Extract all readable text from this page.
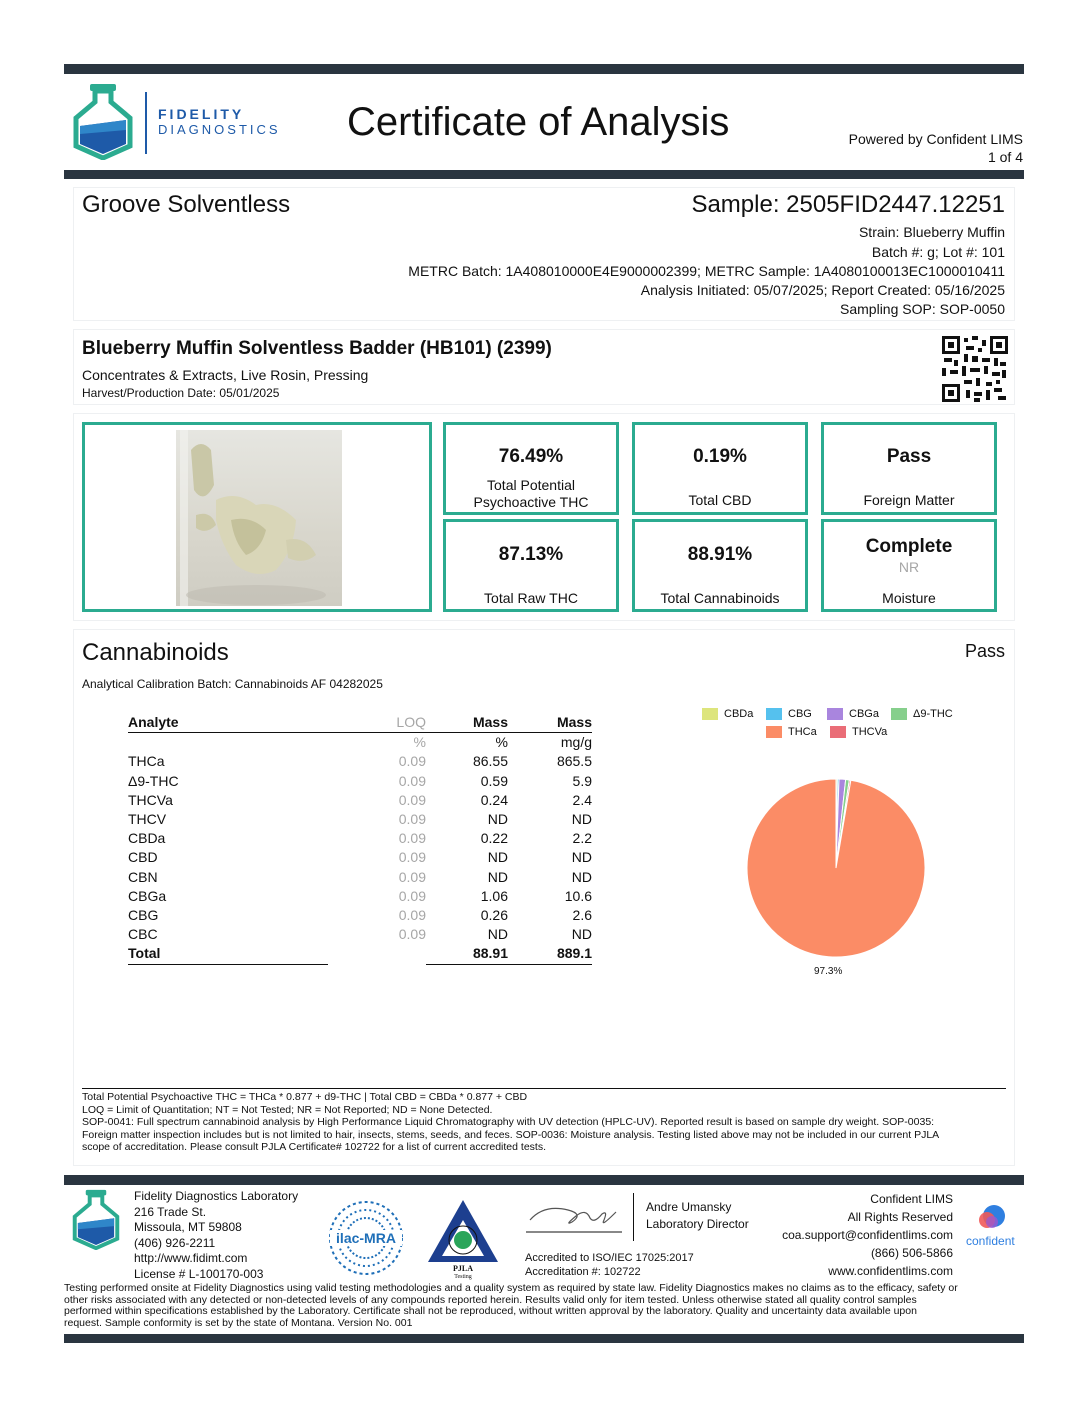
FIDELITY
DIAGNOSTICS Certificate of Analysis	Powered by Confident LIMS
1 of 4
Groove Solventless	Sample: 2505FID2447.12251
Strain: Blueberry Muffin
Batch #: g; Lot #: 101
METRC Batch: 1A408010000E4E9000002399; METRC Sample: 1A4080100013EC1000010411
Analysis Initiated: 05/07/2025; Report Created: 05/16/2025
Sampling SOP: SOP-0050
Blueberry Muffin Solventless Badder (HB101) (2399)
Concentrates & Extracts, Live Rosin, Pressing
Harvest/Production Date: 05/01/2025
76.49%
Total Potential
Psychoactive THC
0.19%
Total CBD
Pass
Foreign Matter
87.13%
Total Raw THC
88.91%
Total Cannabinoids
Complete
NR
Moisture
Cannabinoids	Pass
Analytical Calibration Batch: Cannabinoids AF 04282025
Analyte	LOQ	Mass	Mass
	%	%	mg/g
THCa	0.09	86.55	865.5
Δ9-THC	0.09	0.59	5.9
THCVa	0.09	0.24	2.4
THCV	0.09	ND	ND
CBDa	0.09	0.22	2.2
CBD	0.09	ND	ND
CBN	0.09	ND	ND
CBGa	0.09	1.06	10.6
CBG	0.09	0.26	2.6
CBC	0.09	ND	ND
Total		88.91	889.1
CBDa	CBG	CBGa	Δ9-THC
THCa	THCVa
97.3%
Total Potential Psychoactive THC = THCa * 0.877 + d9-THC | Total CBD = CBDa * 0.877 + CBD
LOQ = Limit of Quantitation; NT = Not Tested; NR = Not Reported; ND = None Detected.
SOP-0041: Full spectrum cannabinoid analysis by High Performance Liquid Chromatography with UV detection (HPLC-UV). Reported result is based on sample dry weight. SOP-0035:
Foreign matter inspection includes but is not limited to hair, insects, stems, seeds, and feces. SOP-0036: Moisture analysis. Testing listed above may not be included in our current PJLA
scope of accreditation. Please consult PJLA Certificate# 102722 for a list of current accredited tests.
Fidelity Diagnostics Laboratory
216 Trade St.
Missoula, MT 59808
(406) 926-2211
http://www.fidimt.com
License # L-100170-003
ilac-MRA
PJLA
Testing
Andre Umansky
Laboratory Director
Accredited to ISO/IEC 17025:2017
Accreditation #: 102722
Confident LIMS
All Rights Reserved
coa.support@confidentlims.com
(866) 506-5866
www.confidentlims.com
confident
Testing performed onsite at Fidelity Diagnostics using valid testing methodologies and a quality system as required by state law. Fidelity Diagnostics makes no claims as to the efficacy, safety or
other risks associated with any detected or non-detected levels of any compounds reported herein. Results valid only for item tested. Unless otherwise stated all quality control samples
performed within specifications established by the Laboratory. Certificate shall not be reproduced, without written approval by the laboratory. Quality and uncertainty data available upon
request. Sample conformity is set by the state of Montana. Version No. 001
